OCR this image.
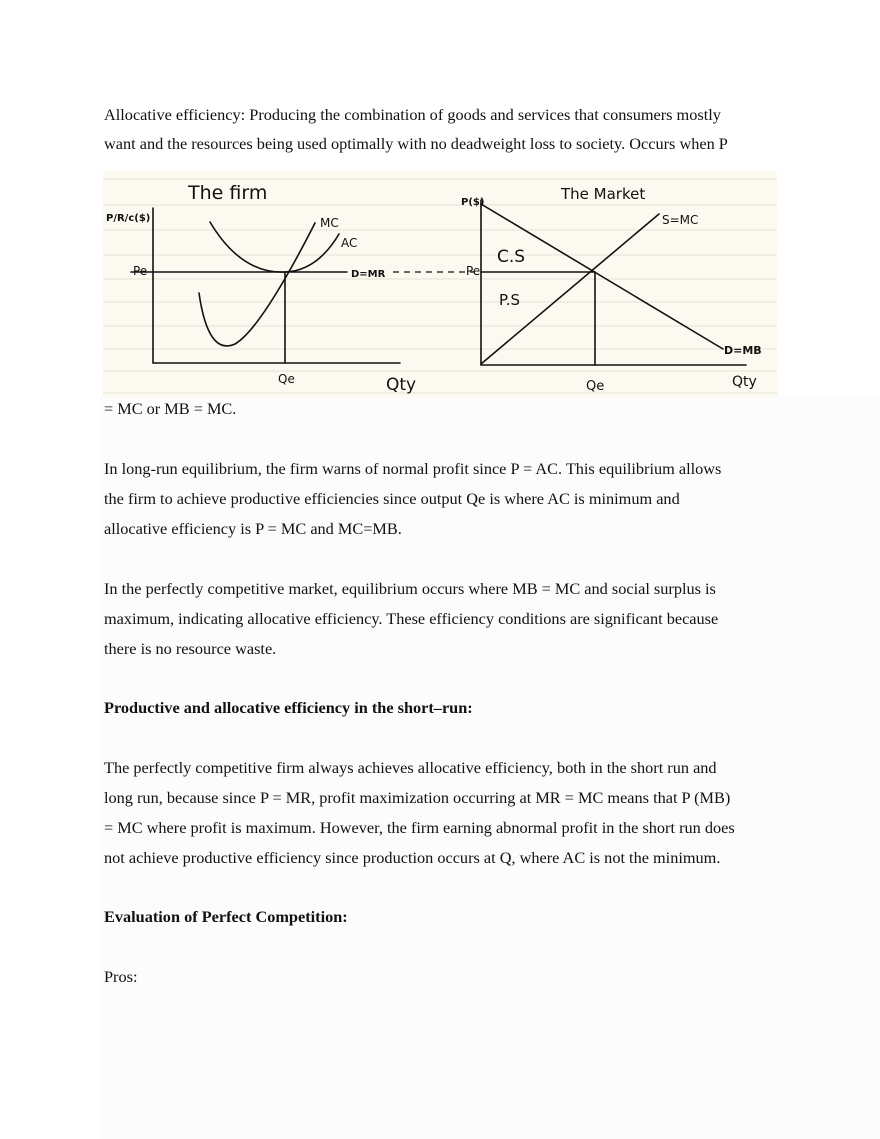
Allocative efficiency: Producing the combination of goods and services that consumers mostly

want and the resources being used optimally with no deadweight loss to society. Occurs when P

The firm
P/R/c($)
Pe
MC
AC
D=MR
Qe	Qty
The Market
P($)
Pe
S=MC
C.S
P.S
D=MB
Qe	Qty

= MC or MB = MC.

In long-run equilibrium, the firm warns of normal profit since P = AC. This equilibrium allows

the firm to achieve productive efficiencies since output Qe is where AC is minimum and

allocative efficiency is P = MC and MC=MB.

In the perfectly competitive market, equilibrium occurs where MB = MC and social surplus is

maximum, indicating allocative efficiency. These efficiency conditions are significant because

there is no resource waste.

Productive and allocative efficiency in the short–run:

The perfectly competitive firm always achieves allocative efficiency, both in the short run and

long run, because since P = MR, profit maximization occurring at MR = MC means that P (MB)

= MC where profit is maximum. However, the firm earning abnormal profit in the short run does

not achieve productive efficiency since production occurs at Q, where AC is not the minimum.

Evaluation of Perfect Competition:

Pros:
